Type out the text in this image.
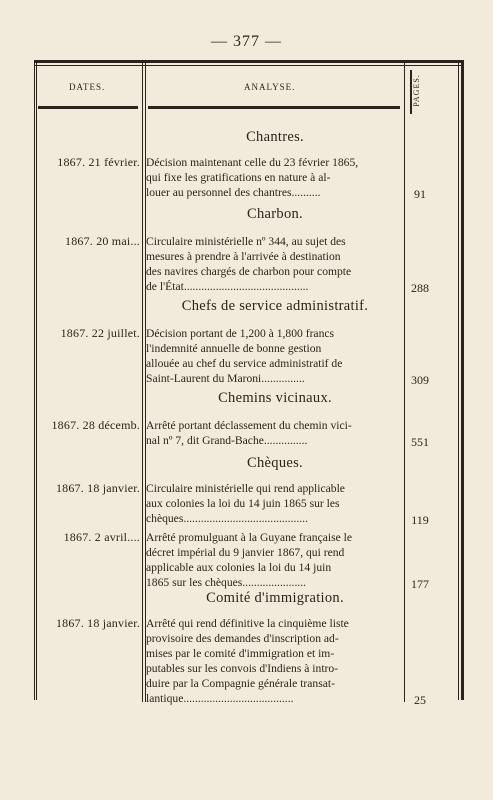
— 377 —
DATES.	ANALYSE.	PAGES.
Chantres.
1867. 21 février. Décision maintenant celle du 23 février 1865,
qui fixe les gratifications en nature à al-
louer au personnel des chantres..........	91
Charbon.
1867. 20 mai... Circulaire ministérielle nº 344, au sujet des
mesures à prendre à l'arrivée à destination
des navires chargés de charbon pour compte
de l'État...........................................	288
Chefs de service administratif.
1867. 22 juillet. Décision portant de 1,200 à 1,800 francs
l'indemnité annuelle de bonne gestion
allouée au chef du service administratif de
Saint-Laurent du Maroni...............	309
Chemins vicinaux.
1867. 28 décemb. Arrêté portant déclassement du chemin vici-
nal nº 7, dit Grand-Bache...............	551
Chèques.
1867. 18 janvier. Circulaire ministérielle qui rend applicable
aux colonies la loi du 14 juin 1865 sur les
chèques...........................................	119
1867. 2 avril.... Arrêté promulguant à la Guyane française le
décret impérial du 9 janvier 1867, qui rend
applicable aux colonies la loi du 14 juin
1865 sur les chèques......................	177
Comité d'immigration.
1867. 18 janvier. Arrêté qui rend définitive la cinquième liste
provisoire des demandes d'inscription ad-
mises par le comité d'immigration et im-
putables sur les convois d'Indiens à intro-
duire par la Compagnie générale transat-
lantique......................................	25
